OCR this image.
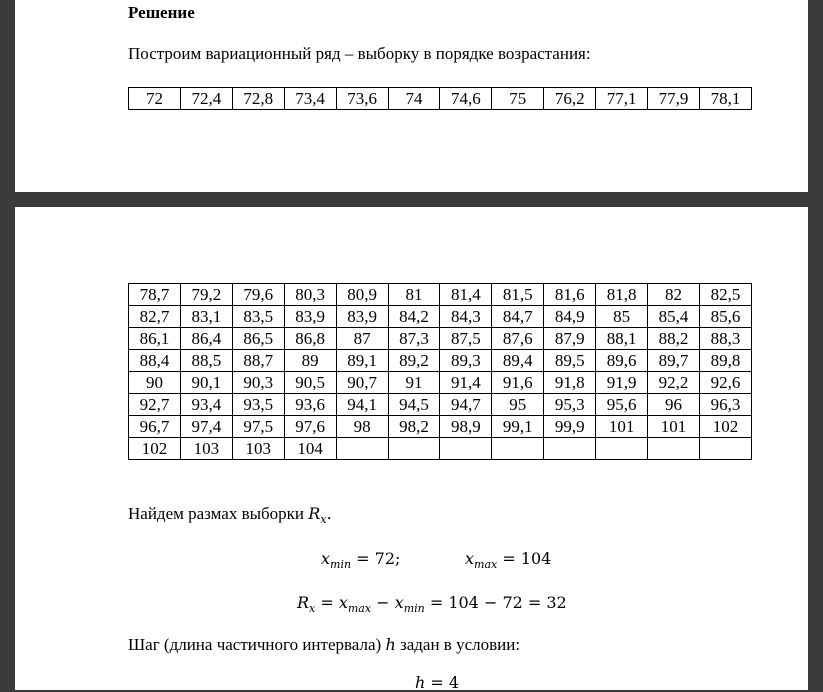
Решение
Построим вариационный ряд – выборку в порядке возрастания:
72	72,4	72,8	73,4	73,6	74	74,6	75	76,2	77,1	77,9	78,1
78,7	79,2	79,6	80,3	80,9	81	81,4	81,5	81,6	81,8	82	82,5
82,7	83,1	83,5	83,9	83,9	84,2	84,3	84,7	84,9	85	85,4	85,6
86,1	86,4	86,5	86,8	87	87,3	87,5	87,6	87,9	88,1	88,2	88,3
88,4	88,5	88,7	89	89,1	89,2	89,3	89,4	89,5	89,6	89,7	89,8
90	90,1	90,3	90,5	90,7	91	91,4	91,6	91,8	91,9	92,2	92,6
92,7	93,4	93,5	93,6	94,1	94,5	94,7	95	95,3	95,6	96	96,3
96,7	97,4	97,5	97,6	98	98,2	98,9	99,1	99,9	101	101	102
102	103	103	104								
Найдем размах выборки $R_x$.
$x_{min} = 72$;	$x_{max} = 104$
$R_x = x_{max} - x_{min} = 104 - 72 = 32$
Шаг (длина частичного интервала) h задан в условии:
h = 4
